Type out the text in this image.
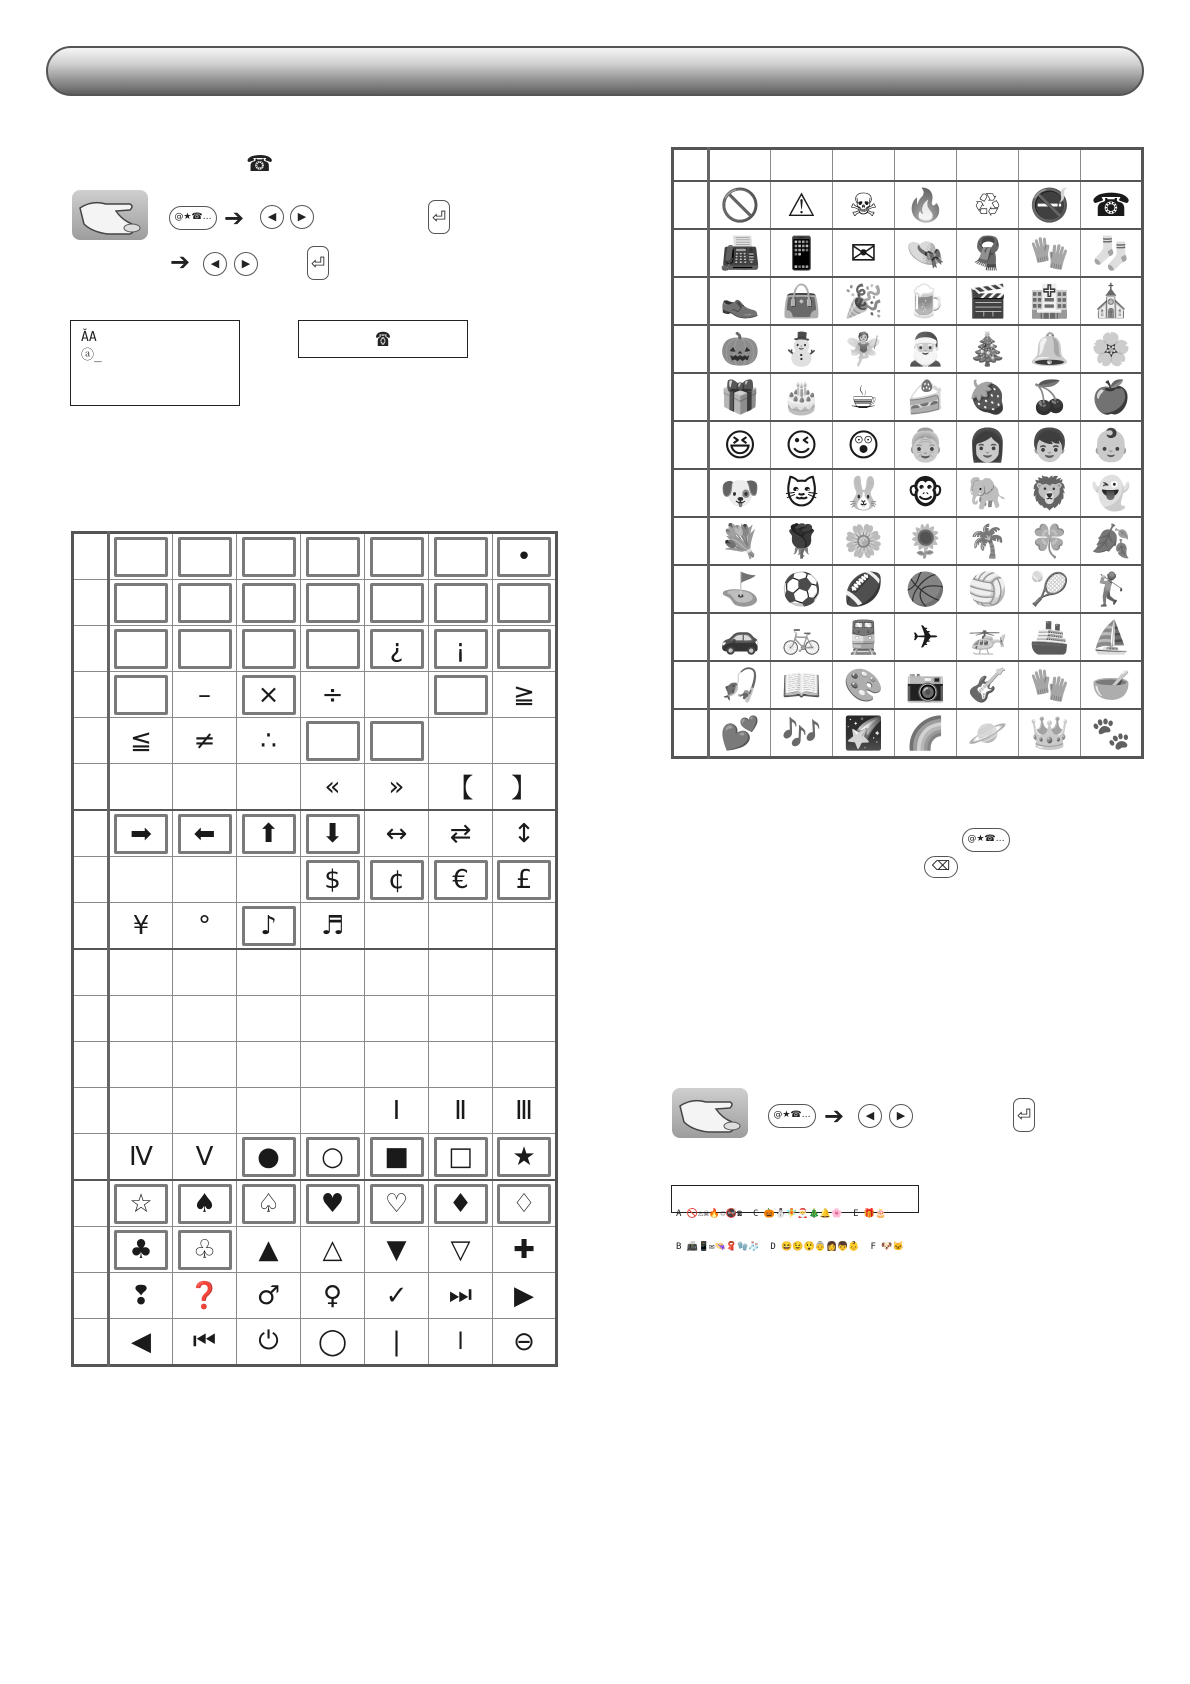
☎
@★☎… ➔	◀	▶	⏎
➔	◀	▶	⏎
ǍA
ⓐ_
☎

							•

					¿	¡	

	–	×	÷			≧
	≦	≠	∴	

				«	»	【	】

	➡	⬅	⬆	⬇	↔	⇄	↕

				$	¢	€	£

	¥	°	♪	♬			

					Ⅰ	Ⅱ	Ⅲ
	Ⅳ	Ⅴ	●	○	■	□	★

	☆	♠	♤	♥	♡	♦	♢

	♣	♧	▲	△	▼	▽	✚
	❢	❓	♂	♀	✓	⏭	▶
	◀	⏮	⏻	◯	|	⏽	⊖

	🚫	⚠	☠	🔥	♲	🚭	☎
	📠	📱	✉	👒	🧣	🧤	🧦
	👞	👜	🎉	🍺	🎬	🏥	⛪
	🎃	⛄	🧚	🎅	🎄	🔔	🌸
	🎁	🎂	☕	🍰	🍓	🍒	🍎
	😆	😉	😲	👵	👩	👦	👶
	🐶	🐱	🐰	🐵	🐘	🦁	👻
	💐	🌹	🌼	🌻	🌴	🍀	🍂
	⛳	⚽	🏈	🏀	🏐	🎾	🏌
	🚗	🚲	🚆	✈	🚁	🚢	⛵
	🎣	📖	🎨	📷	🎸	🧤	🥣
	💕	🎶	🌠	🌈	🪐	👑	🐾
@★☎…
⌫
@★☎… ➔	◀	▶	⏎

A 🚫⚠☠🔥♲🚭☎  C 🎃⛄🧚🎅🎄🔔🌸  E 🎁🎂

B 📠📱✉👒🧣🧤🧦  D 😆😉😲👵👩👦👶  F 🐶🐱
